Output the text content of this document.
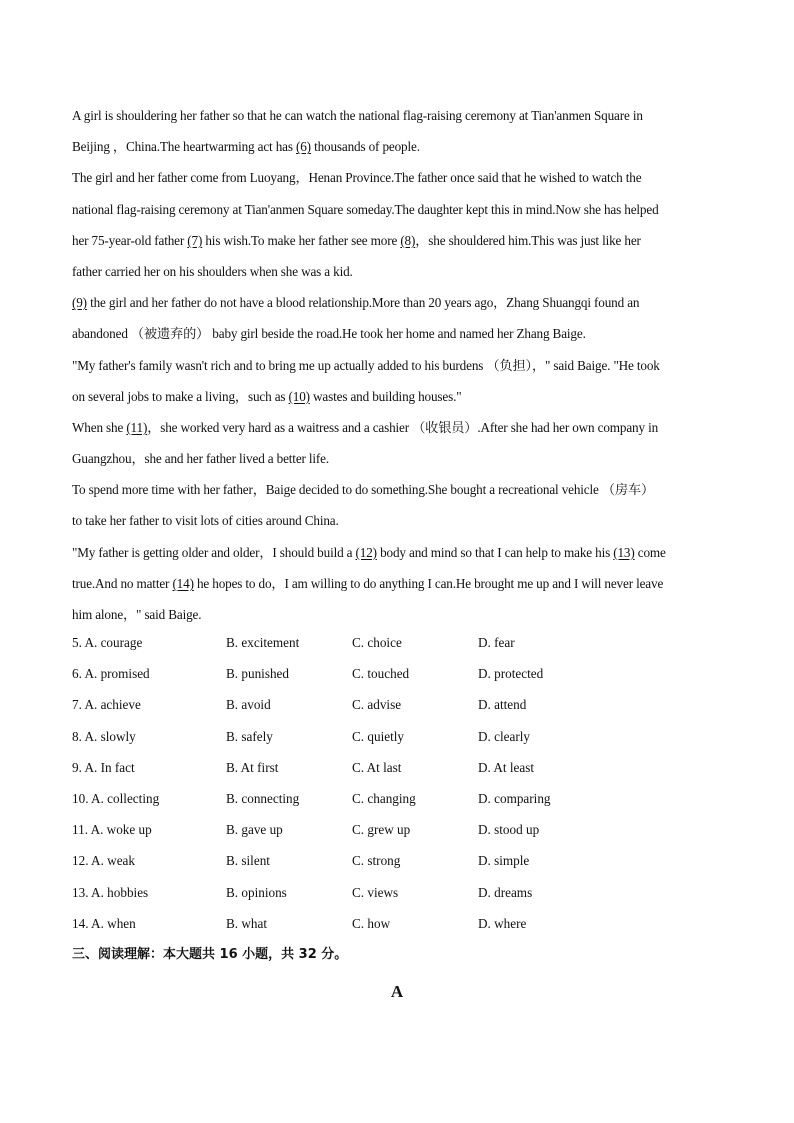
A girl is shouldering her father so that he can watch the national flag-raising ceremony at Tian'anmen Square in
Beijing ，China.The heartwarming act has (6) thousands of people.
The girl and her father come from Luoyang，Henan Province.The father once said that he wished to watch the
national flag-raising ceremony at Tian'anmen Square someday.The daughter kept this in mind.Now she has helped
her 75-year-old father (7) his wish.To make her father see more (8)，she shouldered him.This was just like her
father carried her on his shoulders when she was a kid.
(9) the girl and her father do not have a blood relationship.More than 20 years ago，Zhang Shuangqi found an
abandoned （被遗弃的） baby girl beside the road.He took her home and named her Zhang Baige.
"My father's family wasn't rich and to bring me up actually added to his burdens （负担），" said Baige. "He took
on several jobs to make a living，such as (10) wastes and building houses."
When she (11)，she worked very hard as a waitress and a cashier （收银员）.After she had her own company in
Guangzhou，she and her father lived a better life.
To spend more time with her father，Baige decided to do something.She bought a recreational vehicle （房车）
to take her father to visit lots of cities around China.
"My father is getting older and older，I should build a (12) body and mind so that I can help to make his (13) come
true.And no matter (14) he hopes to do，I am willing to do anything I can.He brought me up and I will never leave
him alone，" said Baige.
5. A. courage	B. excitement	C. choice	D. fear
6. A. promised	B. punished	C. touched	D. protected
7. A. achieve	B. avoid	C. advise	D. attend
8. A. slowly	B. safely	C. quietly	D. clearly
9. A. In fact	B. At first	C. At last	D. At least
10. A. collecting	B. connecting	C. changing	D. comparing
11. A. woke up	B. gave up	C. grew up	D. stood up
12. A. weak	B. silent	C. strong	D. simple
13. A. hobbies	B. opinions	C. views	D. dreams
14. A. when	B. what	C. how	D. where
三、阅读理解：本大题共 16 小题，共 32 分。
A
